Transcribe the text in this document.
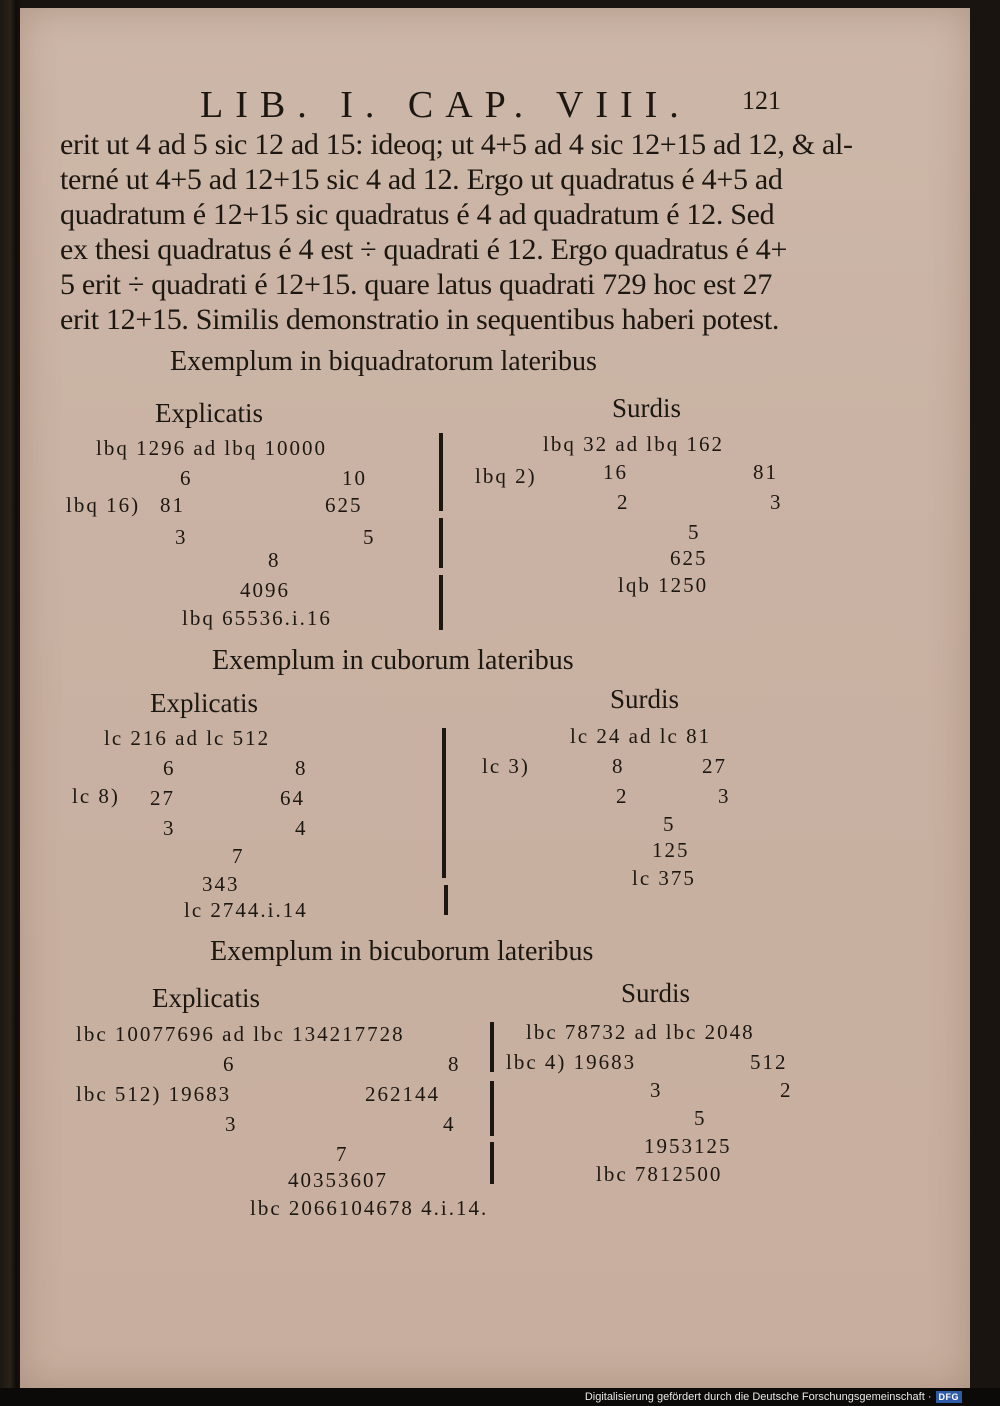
LIB. I. CAP. VIII. 121
erit ut 4 ad 5 sic 12 ad 15: ideoq; ut 4+5 ad 4 sic 12+15 ad 12, & al-
terné ut 4+5 ad 12+15 sic 4 ad 12. Ergo ut quadratus é 4+5 ad
quadratum é 12+15 sic quadratus é 4 ad quadratum é 12. Sed
ex thesi quadratus é 4 est ÷ quadrati é 12. Ergo quadratus é 4+
5 erit ÷ quadrati é 12+15. quare latus quadrati 729 hoc est 27
erit 12+15. Similis demonstratio in sequentibus haberi potest.
Exemplum in biquadratorum lateribus
Explicatis	Surdis
lbq 1296 ad lbq 10000
6	10
lbq 16) 81	625
3	5
8
4096
lbq 65536.i.16
lbq 32 ad lbq 162
lbq 2)	16	81
2	3
5
625
lqb 1250
Exemplum in cuborum lateribus
Explicatis	Surdis
lc 216 ad lc 512
6	8
lc 8) 27	64
3	4
7
343
lc 2744.i.14
lc 24 ad lc 81
lc 3)	8	27
2	3
5
125
lc 375
Exemplum in bicuborum lateribus
Explicatis	Surdis
lbc 10077696 ad lbc 134217728
6	8
lbc 512) 19683	262144
3	4
7
40353607
lbc 2066104678 4.i.14.
lbc 78732 ad lbc 2048
lbc 4) 19683	512
3	2
5
1953125
lbc 7812500
Digitalisierung gefördert durch die Deutsche Forschungsgemeinschaft · DFG
